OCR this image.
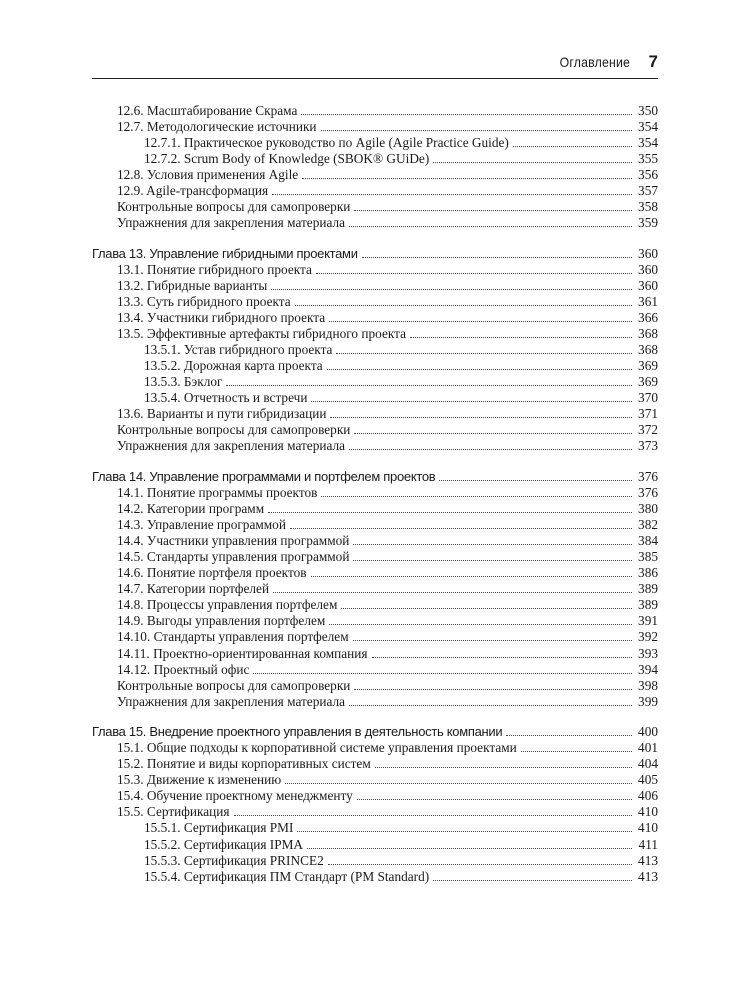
Оглавление 7
12.6. Масштабирование Скрама	350
12.7. Методологические источники	354
12.7.1. Практическое руководство по Agile (Agile Practice Guide)	354
12.7.2. Scrum Body of Knowledge (SBOK® GUiDe)	355
12.8. Условия применения Agile	356
12.9. Agile-трансформация	357
Контрольные вопросы для самопроверки	358
Упражнения для закрепления материала	359
Глава 13. Управление гибридными проектами	360
13.1. Понятие гибридного проекта	360
13.2. Гибридные варианты	360
13.3. Суть гибридного проекта	361
13.4. Участники гибридного проекта	366
13.5. Эффективные артефакты гибридного проекта	368
13.5.1. Устав гибридного проекта	368
13.5.2. Дорожная карта проекта	369
13.5.3. Бэклог	369
13.5.4. Отчетность и встречи	370
13.6. Варианты и пути гибридизации	371
Контрольные вопросы для самопроверки	372
Упражнения для закрепления материала	373
Глава 14. Управление программами и портфелем проектов	376
14.1. Понятие программы проектов	376
14.2. Категории программ	380
14.3. Управление программой	382
14.4. Участники управления программой	384
14.5. Стандарты управления программой	385
14.6. Понятие портфеля проектов	386
14.7. Категории портфелей	389
14.8. Процессы управления портфелем	389
14.9. Выгоды управления портфелем	391
14.10. Стандарты управления портфелем	392
14.11. Проектно-ориентированная компания	393
14.12. Проектный офис	394
Контрольные вопросы для самопроверки	398
Упражнения для закрепления материала	399
Глава 15. Внедрение проектного управления в деятельность компании	400
15.1. Общие подходы к корпоративной системе управления проектами	401
15.2. Понятие и виды корпоративных систем	404
15.3. Движение к изменению	405
15.4. Обучение проектному менеджменту	406
15.5. Сертификация	410
15.5.1. Сертификация PMI	410
15.5.2. Сертификация IPMA	411
15.5.3. Сертификация PRINCE2	413
15.5.4. Сертификация ПМ Стандарт (PM Standard)	413
